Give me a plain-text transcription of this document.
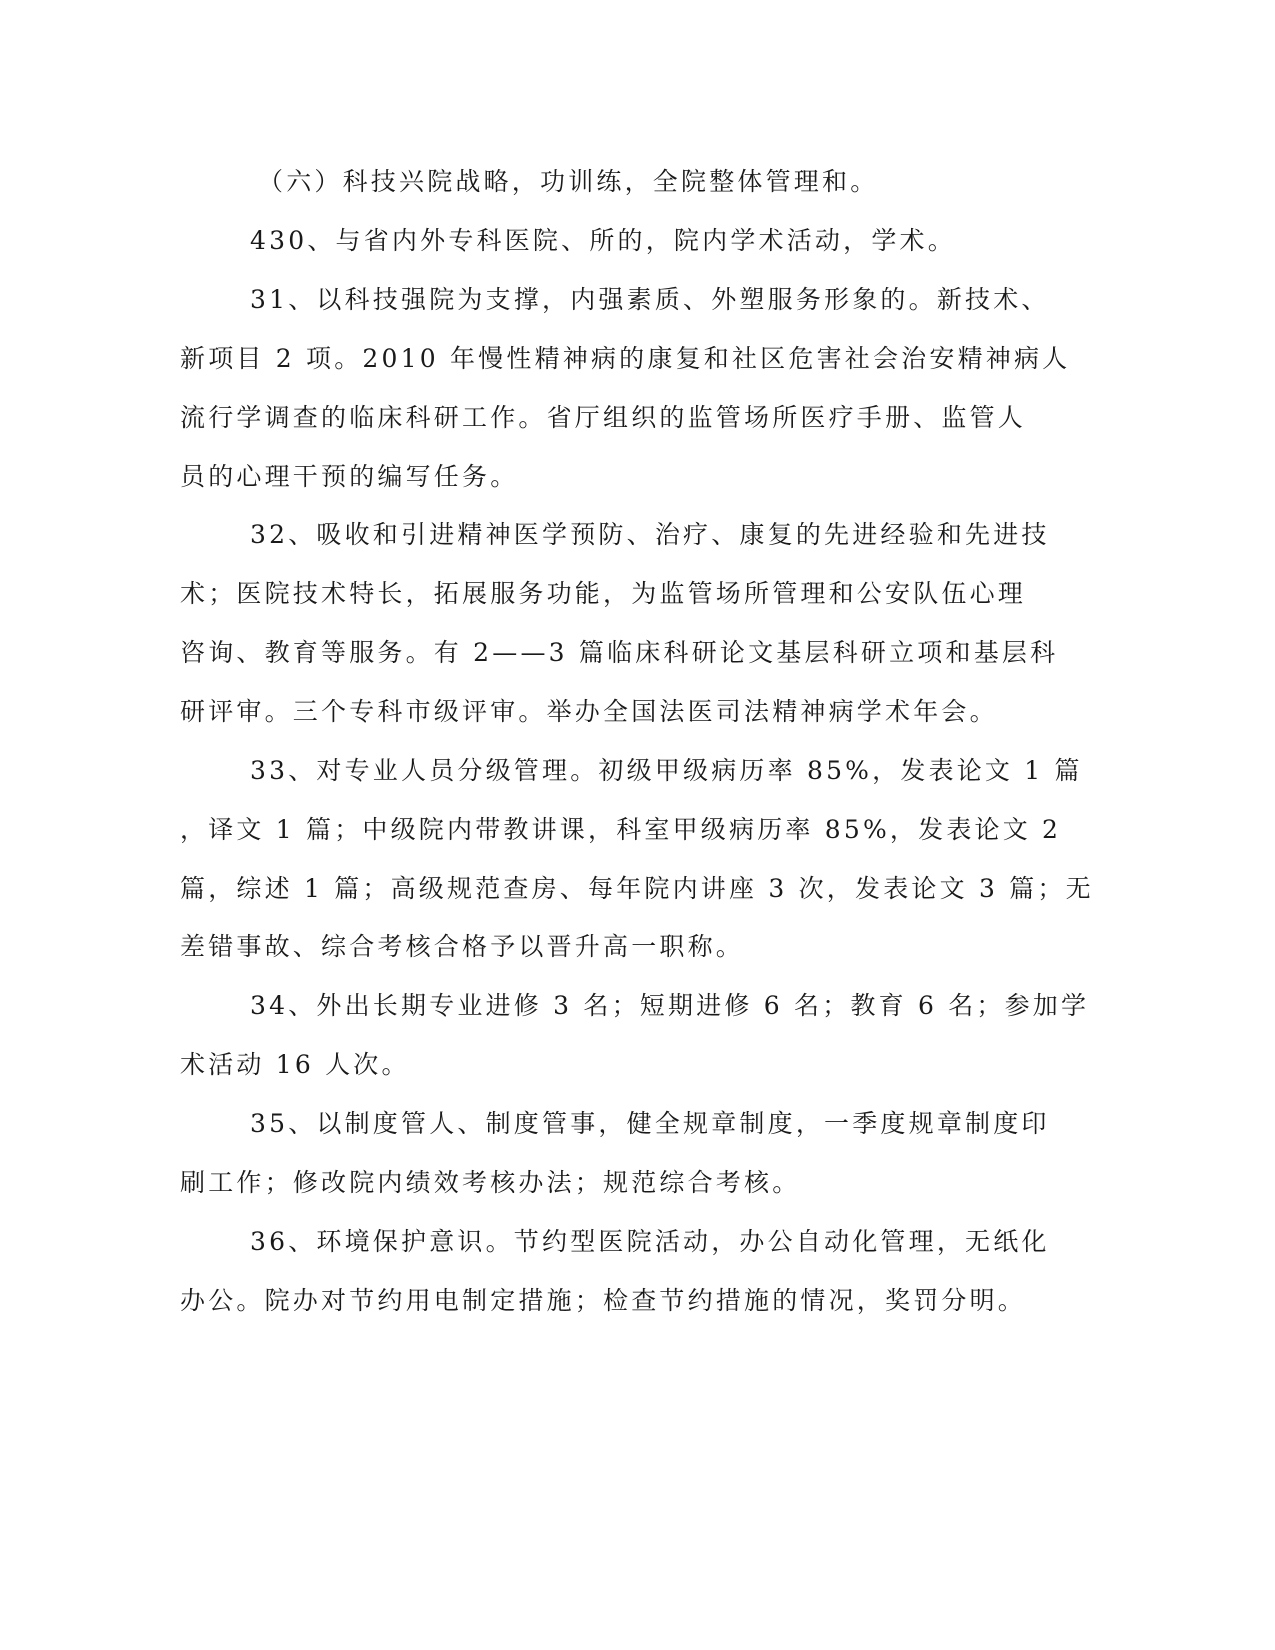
（六）科技兴院战略，功训练，全院整体管理和。
430、与省内外专科医院、所的，院内学术活动，学术。
31、以科技强院为支撑，内强素质、外塑服务形象的。新技术、
新项目 2 项。2010 年慢性精神病的康复和社区危害社会治安精神病人
流行学调查的临床科研工作。省厅组织的监管场所医疗手册、监管人
员的心理干预的编写任务。
32、吸收和引进精神医学预防、治疗、康复的先进经验和先进技
术；医院技术特长，拓展服务功能，为监管场所管理和公安队伍心理
咨询、教育等服务。有 2——3 篇临床科研论文基层科研立项和基层科
研评审。三个专科市级评审。举办全国法医司法精神病学术年会。
33、对专业人员分级管理。初级甲级病历率 85%，发表论文 1 篇
，译文 1 篇；中级院内带教讲课，科室甲级病历率 85%，发表论文 2
篇，综述 1 篇；高级规范查房、每年院内讲座 3 次，发表论文 3 篇；无
差错事故、综合考核合格予以晋升高一职称。
34、外出长期专业进修 3 名；短期进修 6 名；教育 6 名；参加学
术活动 16 人次。
35、以制度管人、制度管事，健全规章制度，一季度规章制度印
刷工作；修改院内绩效考核办法；规范综合考核。
36、环境保护意识。节约型医院活动，办公自动化管理，无纸化
办公。院办对节约用电制定措施；检查节约措施的情况，奖罚分明。
